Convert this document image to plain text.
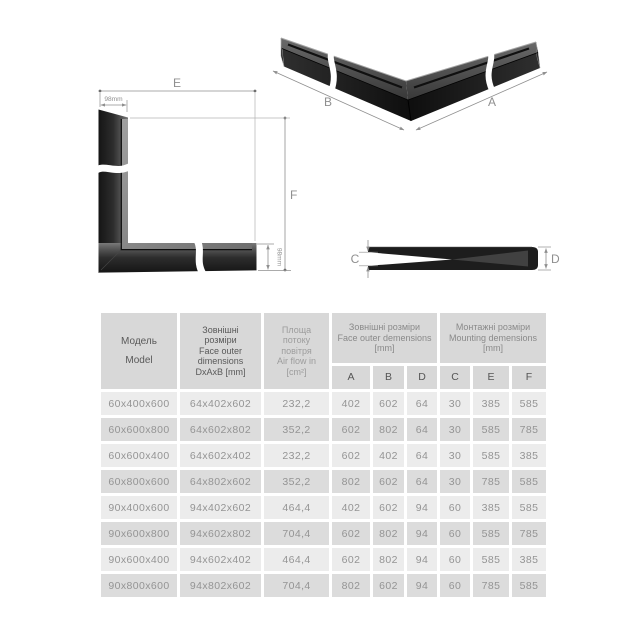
E
98mm
F
98mm
B	A
C	D
Модель
Model
Зовнішні
розміри
Face outer
dimensions
DxAxB [mm]
Площа
потоку
повітря
Air flow in
[cm²]
Зовнішні розміри
Face outer demensions
[mm]
Монтажні розміри
Mounting demensions
[mm]
A	B	D	C	E	F
60x400x600	64x402x602	232,2	402	602	64	30	385	585
60x600x800	64x602x802	352,2	602	802	64	30	585	785
60x600x400	64x602x402	232,2	602	402	64	30	585	385
60x800x600	64x802x602	352,2	802	602	64	30	785	585
90x400x600	94x402x602	464,4	402	602	94	60	385	585
90x600x800	94x602x802	704,4	602	802	94	60	585	785
90x600x400	94x602x402	464,4	602	802	94	60	585	385
90x800x600	94x802x602	704,4	802	602	94	60	785	585
